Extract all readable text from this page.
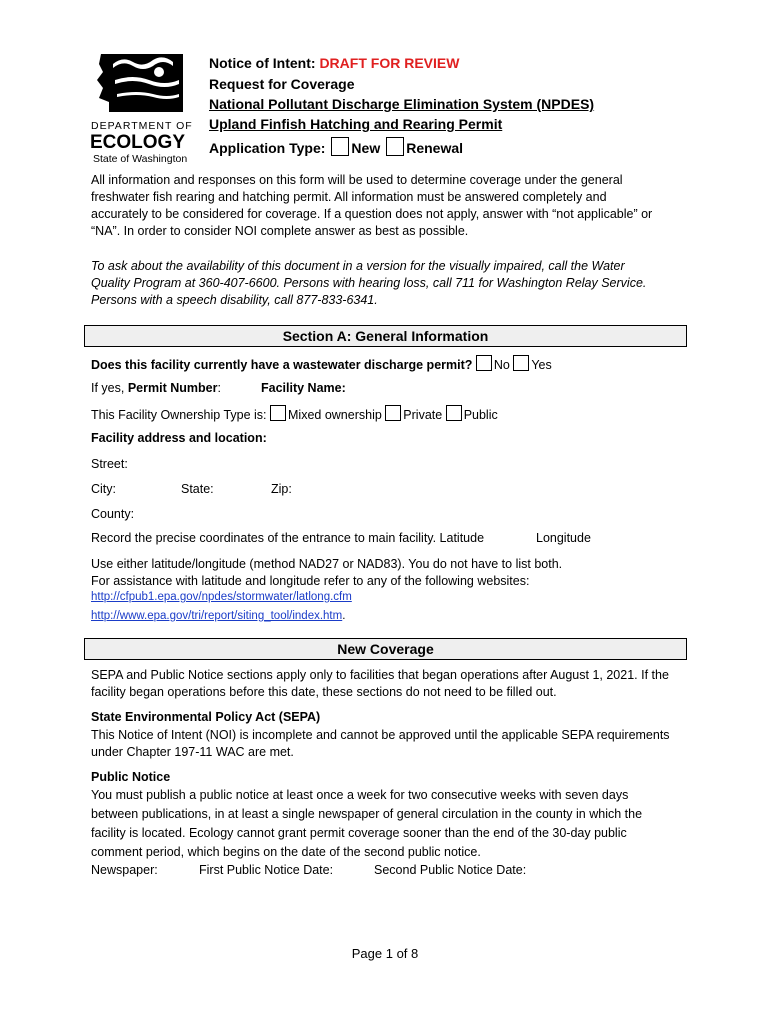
DEPARTMENT OF
ECOLOGY
State of Washington
Notice of Intent: DRAFT FOR REVIEW
Request for Coverage
National Pollutant Discharge Elimination System (NPDES)
Upland Finfish Hatching and Rearing Permit
Application Type: New Renewal
All information and responses on this form will be used to determine coverage under the general
freshwater fish rearing and hatching permit. All information must be answered completely and
accurately to be considered for coverage. If a question does not apply, answer with “not applicable” or
“NA”. In order to consider NOI complete answer as best as possible.
To ask about the availability of this document in a version for the visually impaired, call the Water
Quality Program at 360-407-6600. Persons with hearing loss, call 711 for Washington Relay Service.
Persons with a speech disability, call 877-833-6341.
Section A: General Information
Does this facility currently have a wastewater discharge permit? No Yes
If yes, Permit Number:	Facility Name:
This Facility Ownership Type is: Mixed ownership Private Public
Facility address and location:
Street:
City:	State:	Zip:
County:
Record the precise coordinates of the entrance to main facility. Latitude	Longitude
Use either latitude/longitude (method NAD27 or NAD83). You do not have to list both.
For assistance with latitude and longitude refer to any of the following websites:
http://cfpub1.epa.gov/npdes/stormwater/latlong.cfm
http://www.epa.gov/tri/report/siting_tool/index.htm.
New Coverage
SEPA and Public Notice sections apply only to facilities that began operations after August 1, 2021. If the
facility began operations before this date, these sections do not need to be filled out.
State Environmental Policy Act (SEPA)
This Notice of Intent (NOI) is incomplete and cannot be approved until the applicable SEPA requirements
under Chapter 197-11 WAC are met.
Public Notice
You must publish a public notice at least once a week for two consecutive weeks with seven days
between publications, in at least a single newspaper of general circulation in the county in which the
facility is located. Ecology cannot grant permit coverage sooner than the end of the 30-day public
comment period, which begins on the date of the second public notice.
Newspaper:	First Public Notice Date:	Second Public Notice Date:
Page 1 of 8
